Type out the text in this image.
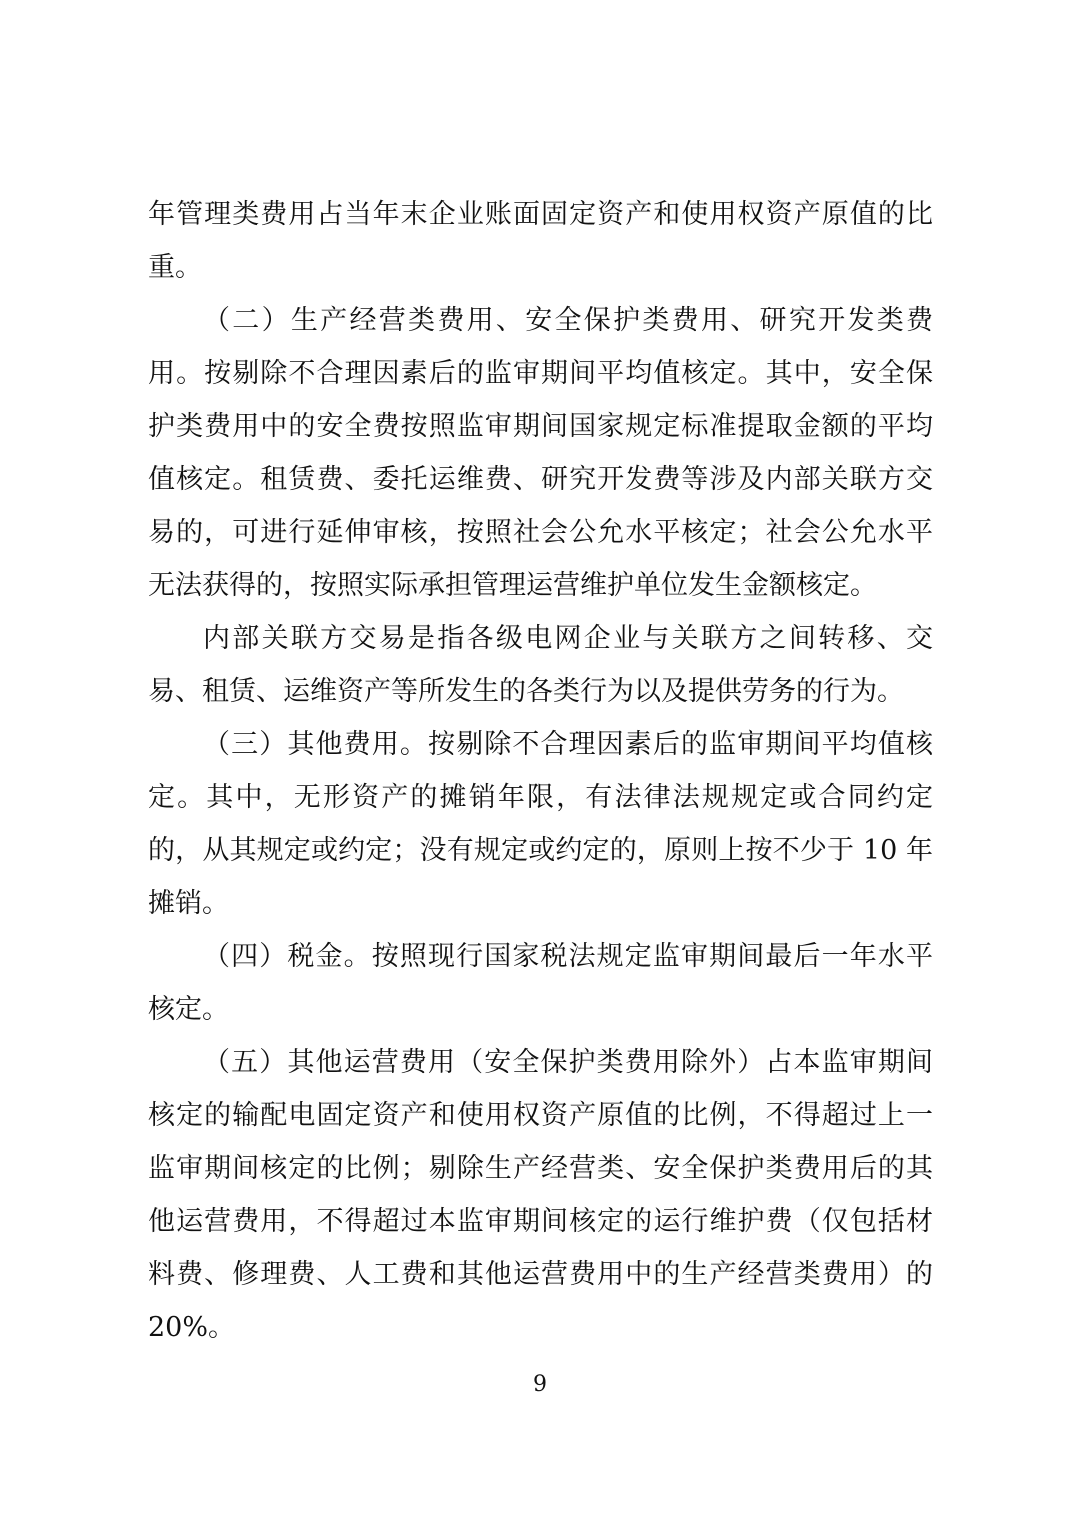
年管理类费用占当年末企业账面固定资产和使用权资产原值的比
重。
（二）生产经营类费用、安全保护类费用、研究开发类费
用。按剔除不合理因素后的监审期间平均值核定。其中，安全保
护类费用中的安全费按照监审期间国家规定标准提取金额的平均
值核定。租赁费、委托运维费、研究开发费等涉及内部关联方交
易的，可进行延伸审核，按照社会公允水平核定；社会公允水平
无法获得的，按照实际承担管理运营维护单位发生金额核定。
内部关联方交易是指各级电网企业与关联方之间转移、交
易、租赁、运维资产等所发生的各类行为以及提供劳务的行为。
（三）其他费用。按剔除不合理因素后的监审期间平均值核
定。其中，无形资产的摊销年限，有法律法规规定或合同约定
的，从其规定或约定；没有规定或约定的，原则上按不少于 10 年
摊销。
（四）税金。按照现行国家税法规定监审期间最后一年水平
核定。
（五）其他运营费用（安全保护类费用除外）占本监审期间
核定的输配电固定资产和使用权资产原值的比例，不得超过上一
监审期间核定的比例；剔除生产经营类、安全保护类费用后的其
他运营费用，不得超过本监审期间核定的运行维护费（仅包括材
料费、修理费、人工费和其他运营费用中的生产经营类费用）的
20%。
9
